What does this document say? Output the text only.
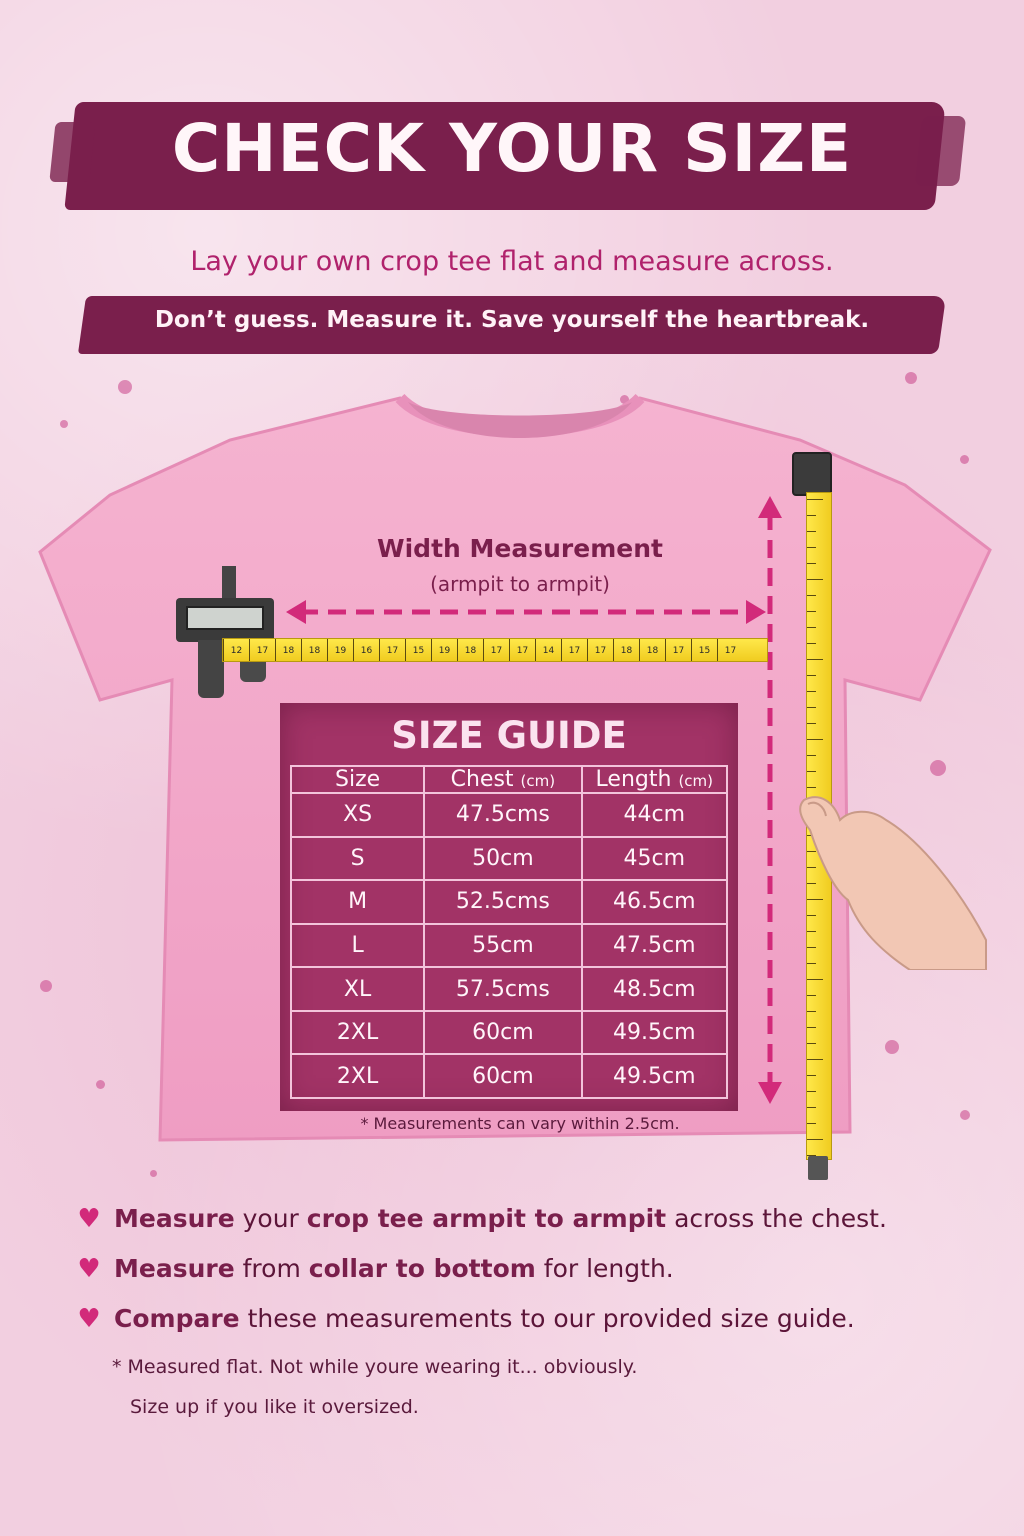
CHECK YOUR SIZE
Lay your own crop tee flat and measure across.
Don’t guess. Measure it. Save yourself the heartbreak.
Width Measurement
(armpit to armpit)
12	17	18	18	19	16	17	15	19	18	17	17	14	17	17	18	18	17	15	17
SIZE GUIDE
Size	Chest (cm)	Length (cm)
XS	47.5cms	44cm
S	50cm	45cm
M	52.5cms	46.5cm
L	55cm	47.5cm
XL	57.5cms	48.5cm
2XL	60cm	49.5cm
2XL	60cm	49.5cm
* Measurements can vary within 2.5cm.
♥ Measure your crop tee armpit to armpit across the chest.
♥ Measure from collar to bottom for length.
♥ Compare these measurements to our provided size guide.
* Measured flat. Not while youre wearing it... obviously.
Size up if you like it oversized.
